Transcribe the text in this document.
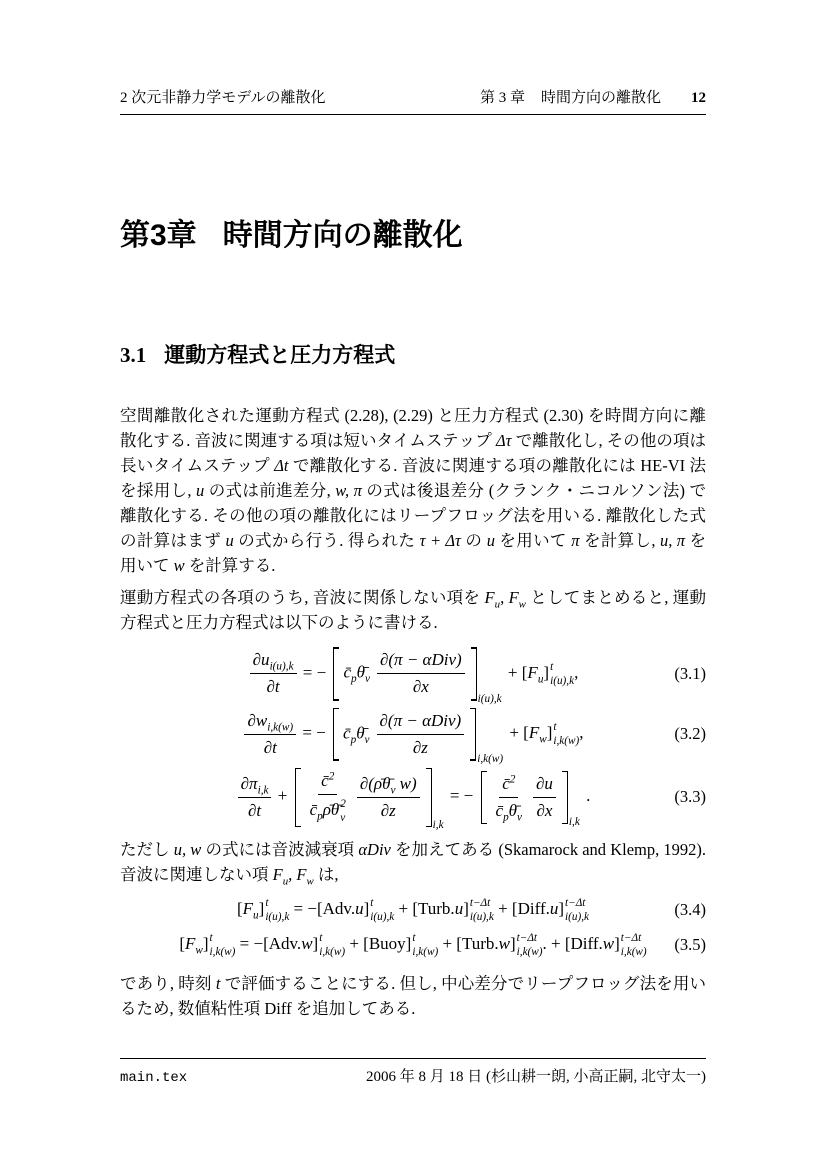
2 次元非静力学モデルの離散化	第 3 章 時間方向の離散化 12
第3章 時間方向の離散化
3.1 運動方程式と圧力方程式

空間離散化された運動方程式 (2.28), (2.29) と圧力方程式 (2.30) を時間方向に離散化する. 音波に関連する項は短いタイムステップ Δτ で離散化し, その他の項は長いタイムステップ Δt で離散化する. 音波に関連する項の離散化には HE-VI 法を採用し, u の式は前進差分, w, π の式は後退差分 (クランク・ニコルソン法) で離散化する. その他の項の離散化にはリープフロッグ法を用いる. 離散化した式の計算はまず u の式から行う. 得られた τ + Δτ の u を用いて π を計算し, u, π を用いて w を計算する.

運動方程式の各項のうち, 音波に関係しない項を $F_u$, $F_w$ としてまとめると, 運動方程式と圧力方程式は以下のように書ける.

$\frac{\partial u_{i(u),k}}{\partial t}$ = − $c̄_p\thetā_v \frac{\text{∂(π − αDiv)}}{\partial x}$
i(u),k
+ $[F_u]$ t
i(u),k ,	(3.1)
$\frac{\partial w_{i,k(w)}}{\partial t}$ = − $c̄_p\thetā_v \frac{\text{∂(π − αDiv)}}{\partial z}$
i,k(w)
+ $[F_w]$ t
i,k(w) ,	(3.2)
$\frac{\partial\pi_{i,k}}{\partial t}$ + c̄$^2$
$c̄_p\rhō\thetā$ 2
v $\frac{\partial(\rhō\thetā_v w)}{\partial z}$
i,k
= − $\frac{c̄^2}{c̄_p\thetā_v} \frac{\partial u}{\partial x}$
i,k
.	(3.3)

ただし u, w の式には音波減衰項 αDiv を加えてある (Skamarock and Klemp, 1992). 音波に関連しない項 $F_u$, $F_w$ は,

$[F_u]$ t
i(u),k = −[Adv.u] t
i(u),k + [Turb.u] t−Δt
i(u),k + [Diff.u] t−Δt
i(u),k	(3.4)
$[F_w]$ t
i,k(w) = −[Adv.w] t
i,k(w) + [Buoy] t
i,k(w) + [Turb.w] t−Δt
i,k(w) . + [Diff.w] t−Δt
i,k(w) (3.5)

であり, 時刻 t で評価することにする. 但し, 中心差分でリープフロッグ法を用いるため, 数値粘性項 Diff を追加してある.

main.tex	2006 年 8 月 18 日 (杉山耕一朗, 小高正嗣, 北守太一)
